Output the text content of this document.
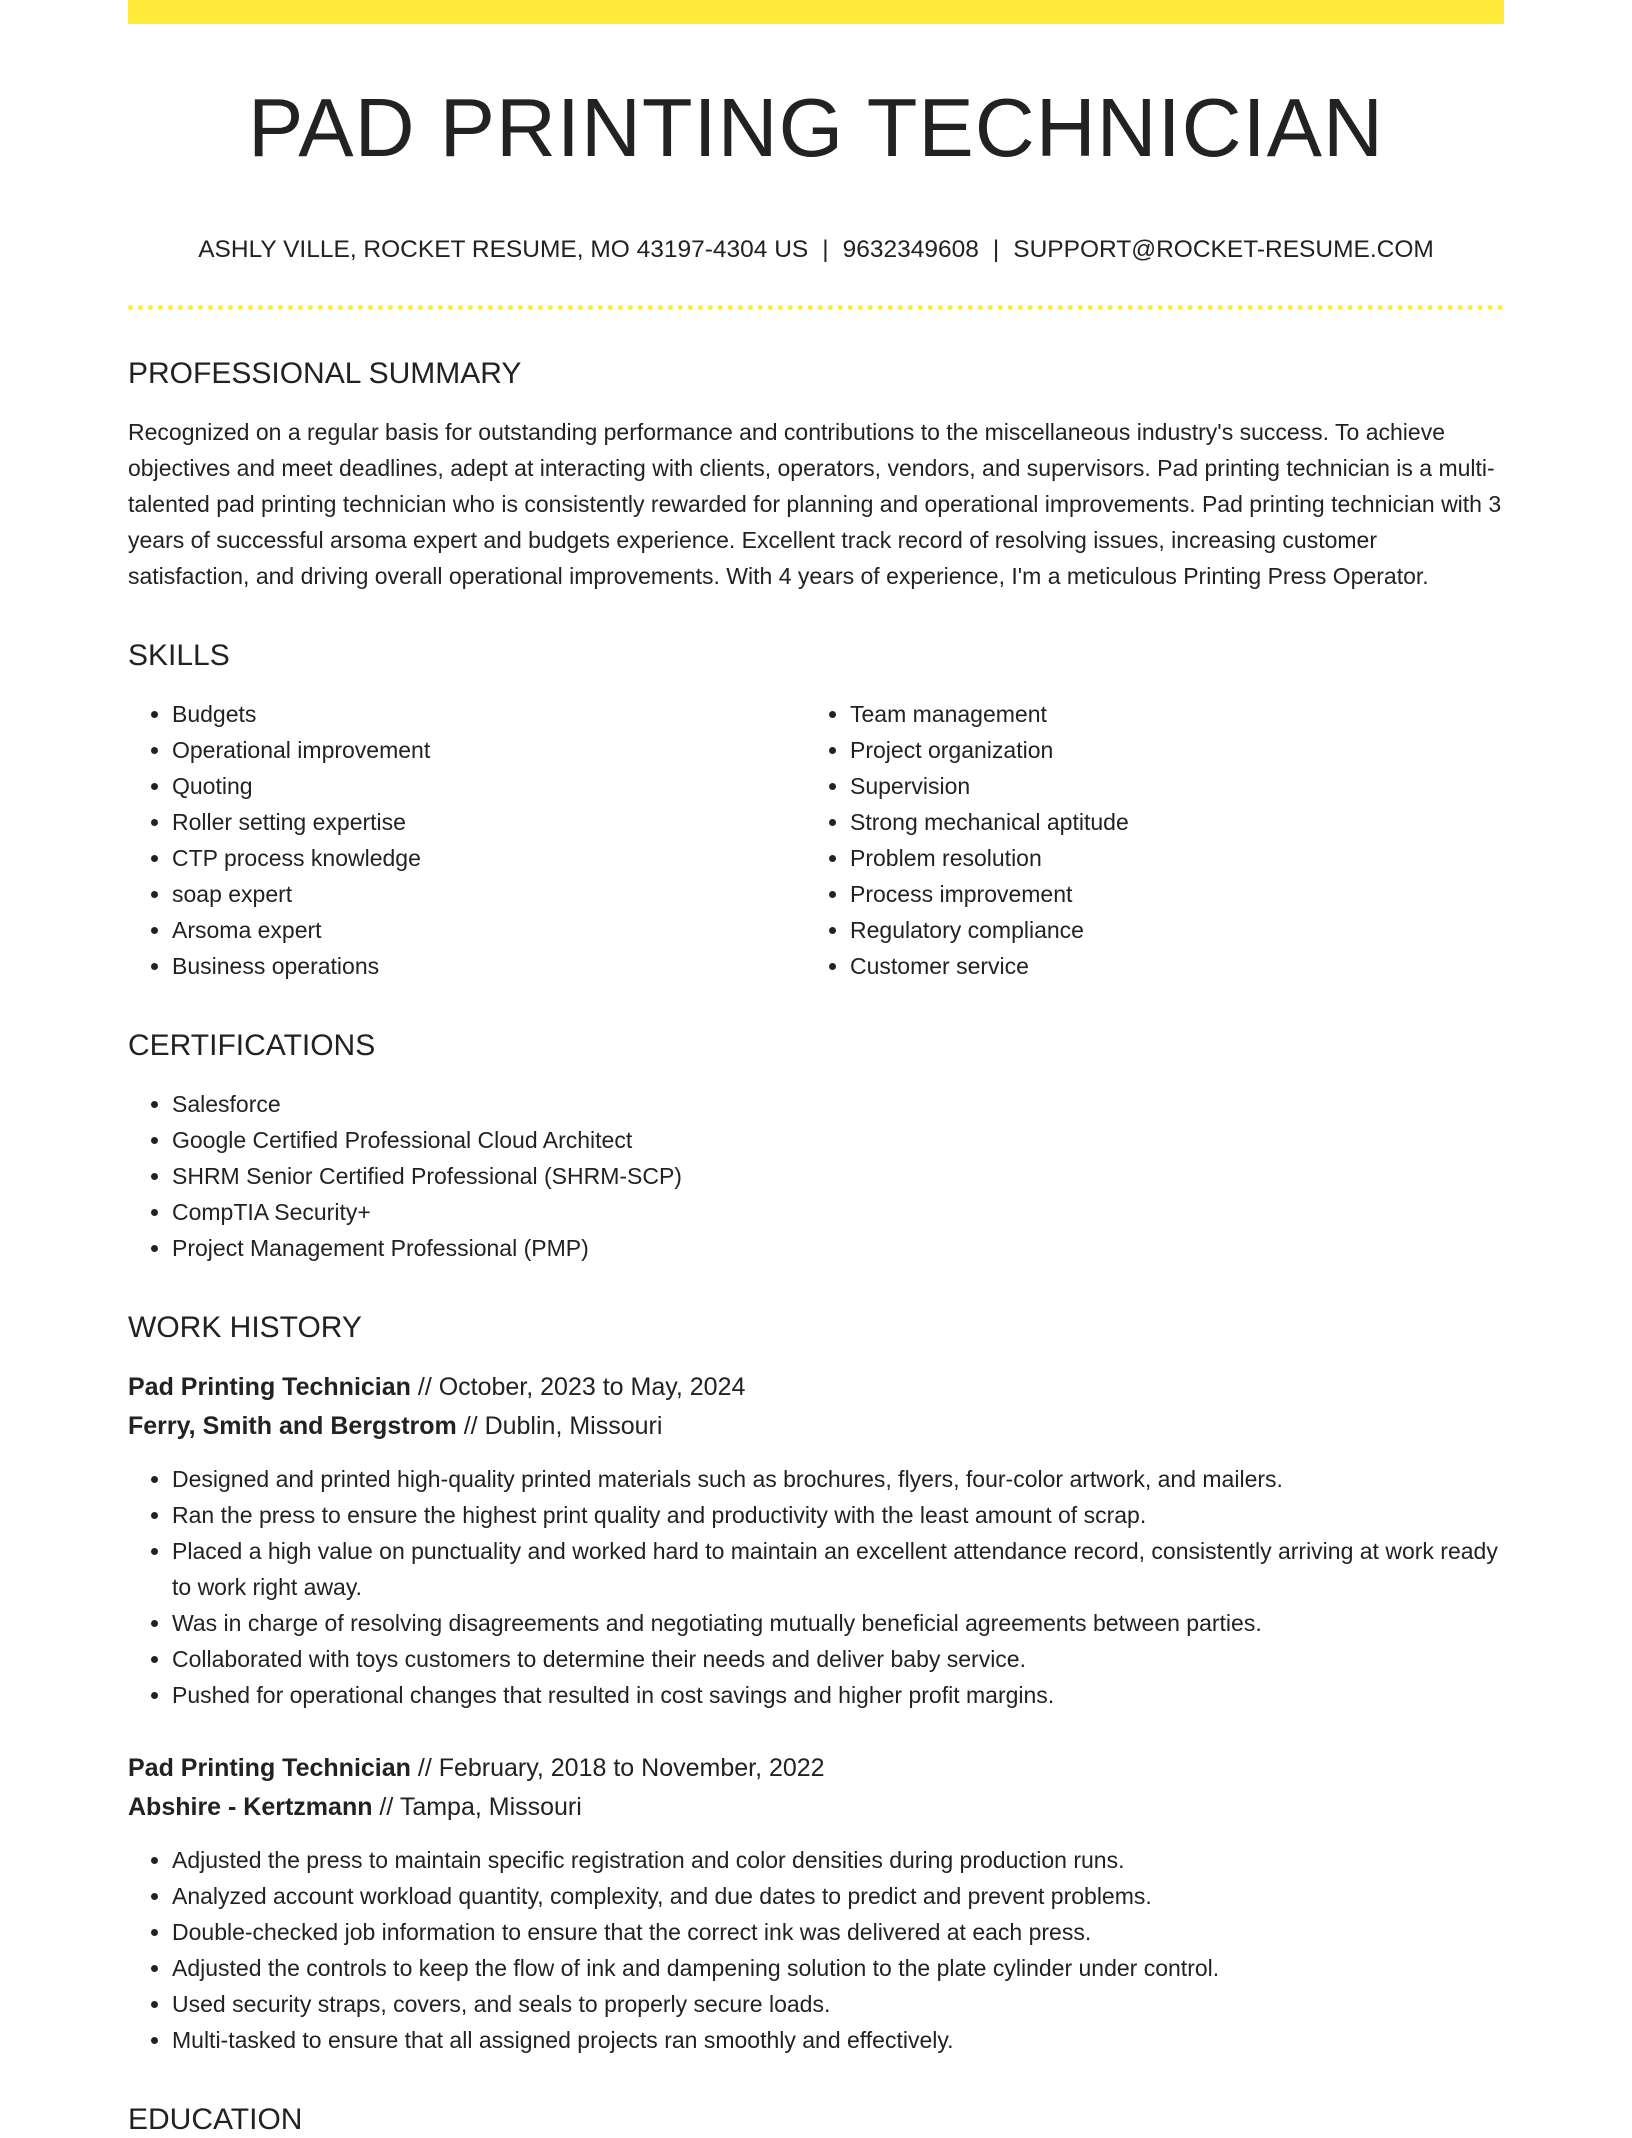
PAD PRINTING TECHNICIAN
ASHLY VILLE, ROCKET RESUME, MO 43197-4304 US | 9632349608 | SUPPORT@ROCKET-RESUME.COM
PROFESSIONAL SUMMARY

Recognized on a regular basis for outstanding performance and contributions to the miscellaneous industry's success. To achieve objectives and meet deadlines, adept at interacting with clients, operators, vendors, and supervisors. Pad printing technician is a multi-talented pad printing technician who is consistently rewarded for planning and operational improvements. Pad printing technician with 3 years of successful arsoma expert and budgets experience. Excellent track record of resolving issues, increasing customer satisfaction, and driving overall operational improvements. With 4 years of experience, I'm a meticulous Printing Press Operator.

SKILLS
• Budgets
• Operational improvement
• Quoting
• Roller setting expertise
• CTP process knowledge
• soap expert
• Arsoma expert
• Business operations
• Team management
• Project organization
• Supervision
• Strong mechanical aptitude
• Problem resolution
• Process improvement
• Regulatory compliance
• Customer service
CERTIFICATIONS
• Salesforce
• Google Certified Professional Cloud Architect
• SHRM Senior Certified Professional (SHRM-SCP)
• CompTIA Security+
• Project Management Professional (PMP)
WORK HISTORY
Pad Printing Technician // October, 2023 to May, 2024
Ferry, Smith and Bergstrom // Dublin, Missouri
• Designed and printed high-quality printed materials such as brochures, flyers, four-color artwork, and mailers.
• Ran the press to ensure the highest print quality and productivity with the least amount of scrap.
• Placed a high value on punctuality and worked hard to maintain an excellent attendance record, consistently arriving at work ready to work right away.
• Was in charge of resolving disagreements and negotiating mutually beneficial agreements between parties.
• Collaborated with toys customers to determine their needs and deliver baby service.
• Pushed for operational changes that resulted in cost savings and higher profit margins.
Pad Printing Technician // February, 2018 to November, 2022
Abshire - Kertzmann // Tampa, Missouri
• Adjusted the press to maintain specific registration and color densities during production runs.
• Analyzed account workload quantity, complexity, and due dates to predict and prevent problems.
• Double-checked job information to ensure that the correct ink was delivered at each press.
• Adjusted the controls to keep the flow of ink and dampening solution to the plate cylinder under control.
• Used security straps, covers, and seals to properly secure loads.
• Multi-tasked to ensure that all assigned projects ran smoothly and effectively.
EDUCATION
